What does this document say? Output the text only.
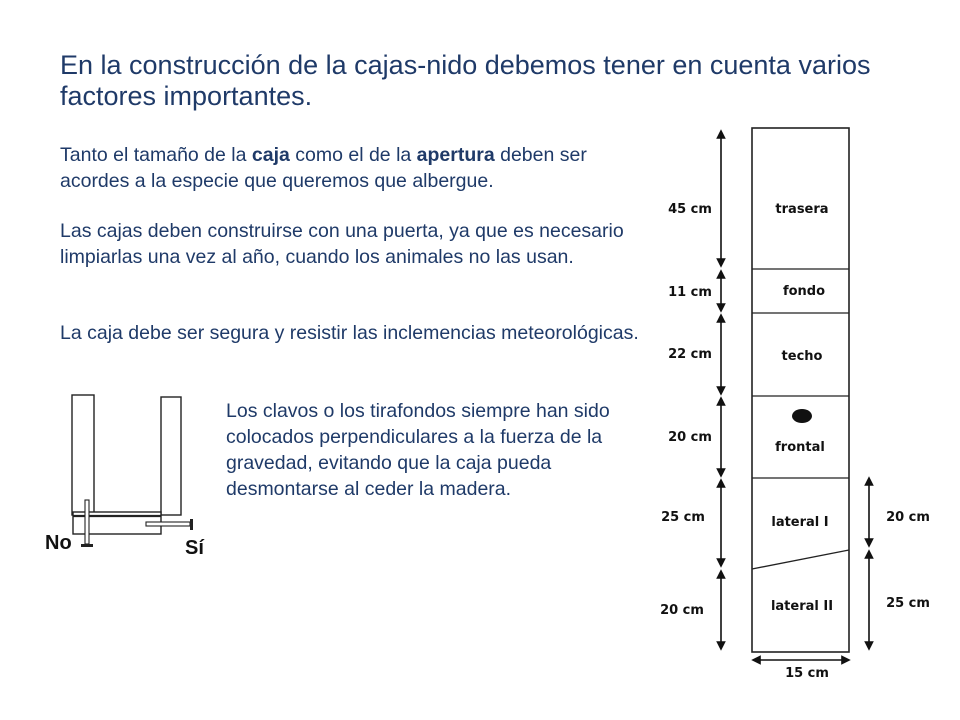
En la construcción de la cajas-nido debemos tener en cuenta varios factores importantes.
Tanto el tamaño de la caja como el de la apertura deben ser acordes a la especie que queremos que albergue.
Las cajas deben construirse con una puerta, ya que es necesario limpiarlas una vez al año, cuando los animales no las usan.
La caja debe ser segura y resistir las inclemencias meteorológicas.
Los clavos o los tirafondos siempre han sido colocados perpendiculares a la fuerza de la gravedad, evitando que la caja pueda desmontarse al ceder la madera.
No	Sí
trasera
fondo
techo
frontal
lateral I
lateral II
45 cm
11 cm
22 cm
20 cm
25 cm
20 cm
20 cm
25 cm
15 cm
